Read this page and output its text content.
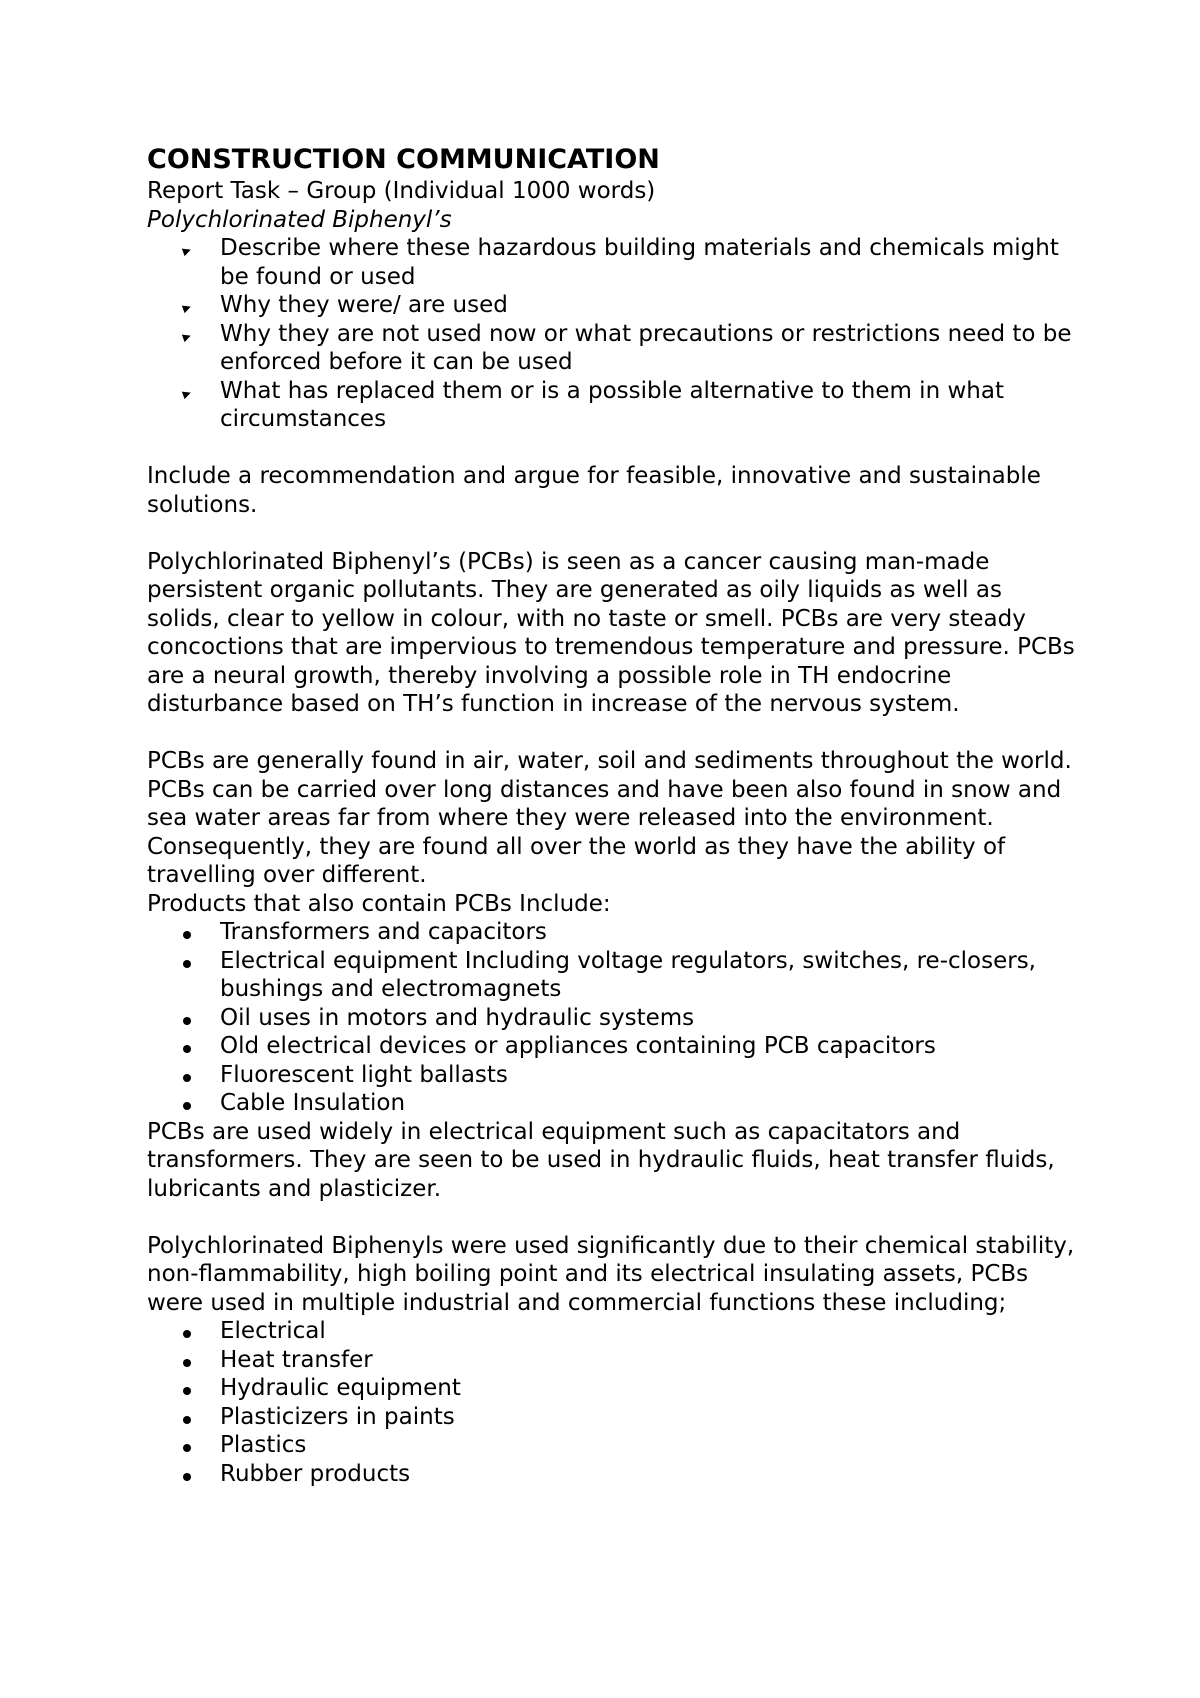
CONSTRUCTION COMMUNICATION

Report Task – Group (Individual 1000 words)

Polychlorinated Biphenyl’s

Describe where these hazardous building materials and chemicals might be found or used
Why they were/ are used
Why they are not used now or what precautions or restrictions need to be enforced before it can be used
What has replaced them or is a possible alternative to them in what circumstances

Include a recommendation and argue for feasible, innovative and sustainable solutions.

Polychlorinated Biphenyl’s (PCBs) is seen as a cancer causing man-made persistent organic pollutants. They are generated as oily liquids as well as solids, clear to yellow in colour, with no taste or smell. PCBs are very steady concoctions that are impervious to tremendous temperature and pressure. PCBs are a neural growth, thereby involving a possible role in TH endocrine disturbance based on TH’s function in increase of the nervous system.

PCBs are generally found in air, water, soil and sediments throughout the world. PCBs can be carried over long distances and have been also found in snow and sea water areas far from where they were released into the environment. Consequently, they are found all over the world as they have the ability of travelling over different.

Products that also contain PCBs Include:

Transformers and capacitors
Electrical equipment Including voltage regulators, switches, re-closers, bushings and electromagnets
Oil uses in motors and hydraulic systems
Old electrical devices or appliances containing PCB capacitors
Fluorescent light ballasts
Cable Insulation

PCBs are used widely in electrical equipment such as capacitators and transformers. They are seen to be used in hydraulic fluids, heat transfer fluids, lubricants and plasticizer.

Polychlorinated Biphenyls were used significantly due to their chemical stability, non-flammability, high boiling point and its electrical insulating assets, PCBs were used in multiple industrial and commercial functions these including;

Electrical
Heat transfer
Hydraulic equipment
Plasticizers in paints
Plastics
Rubber products
